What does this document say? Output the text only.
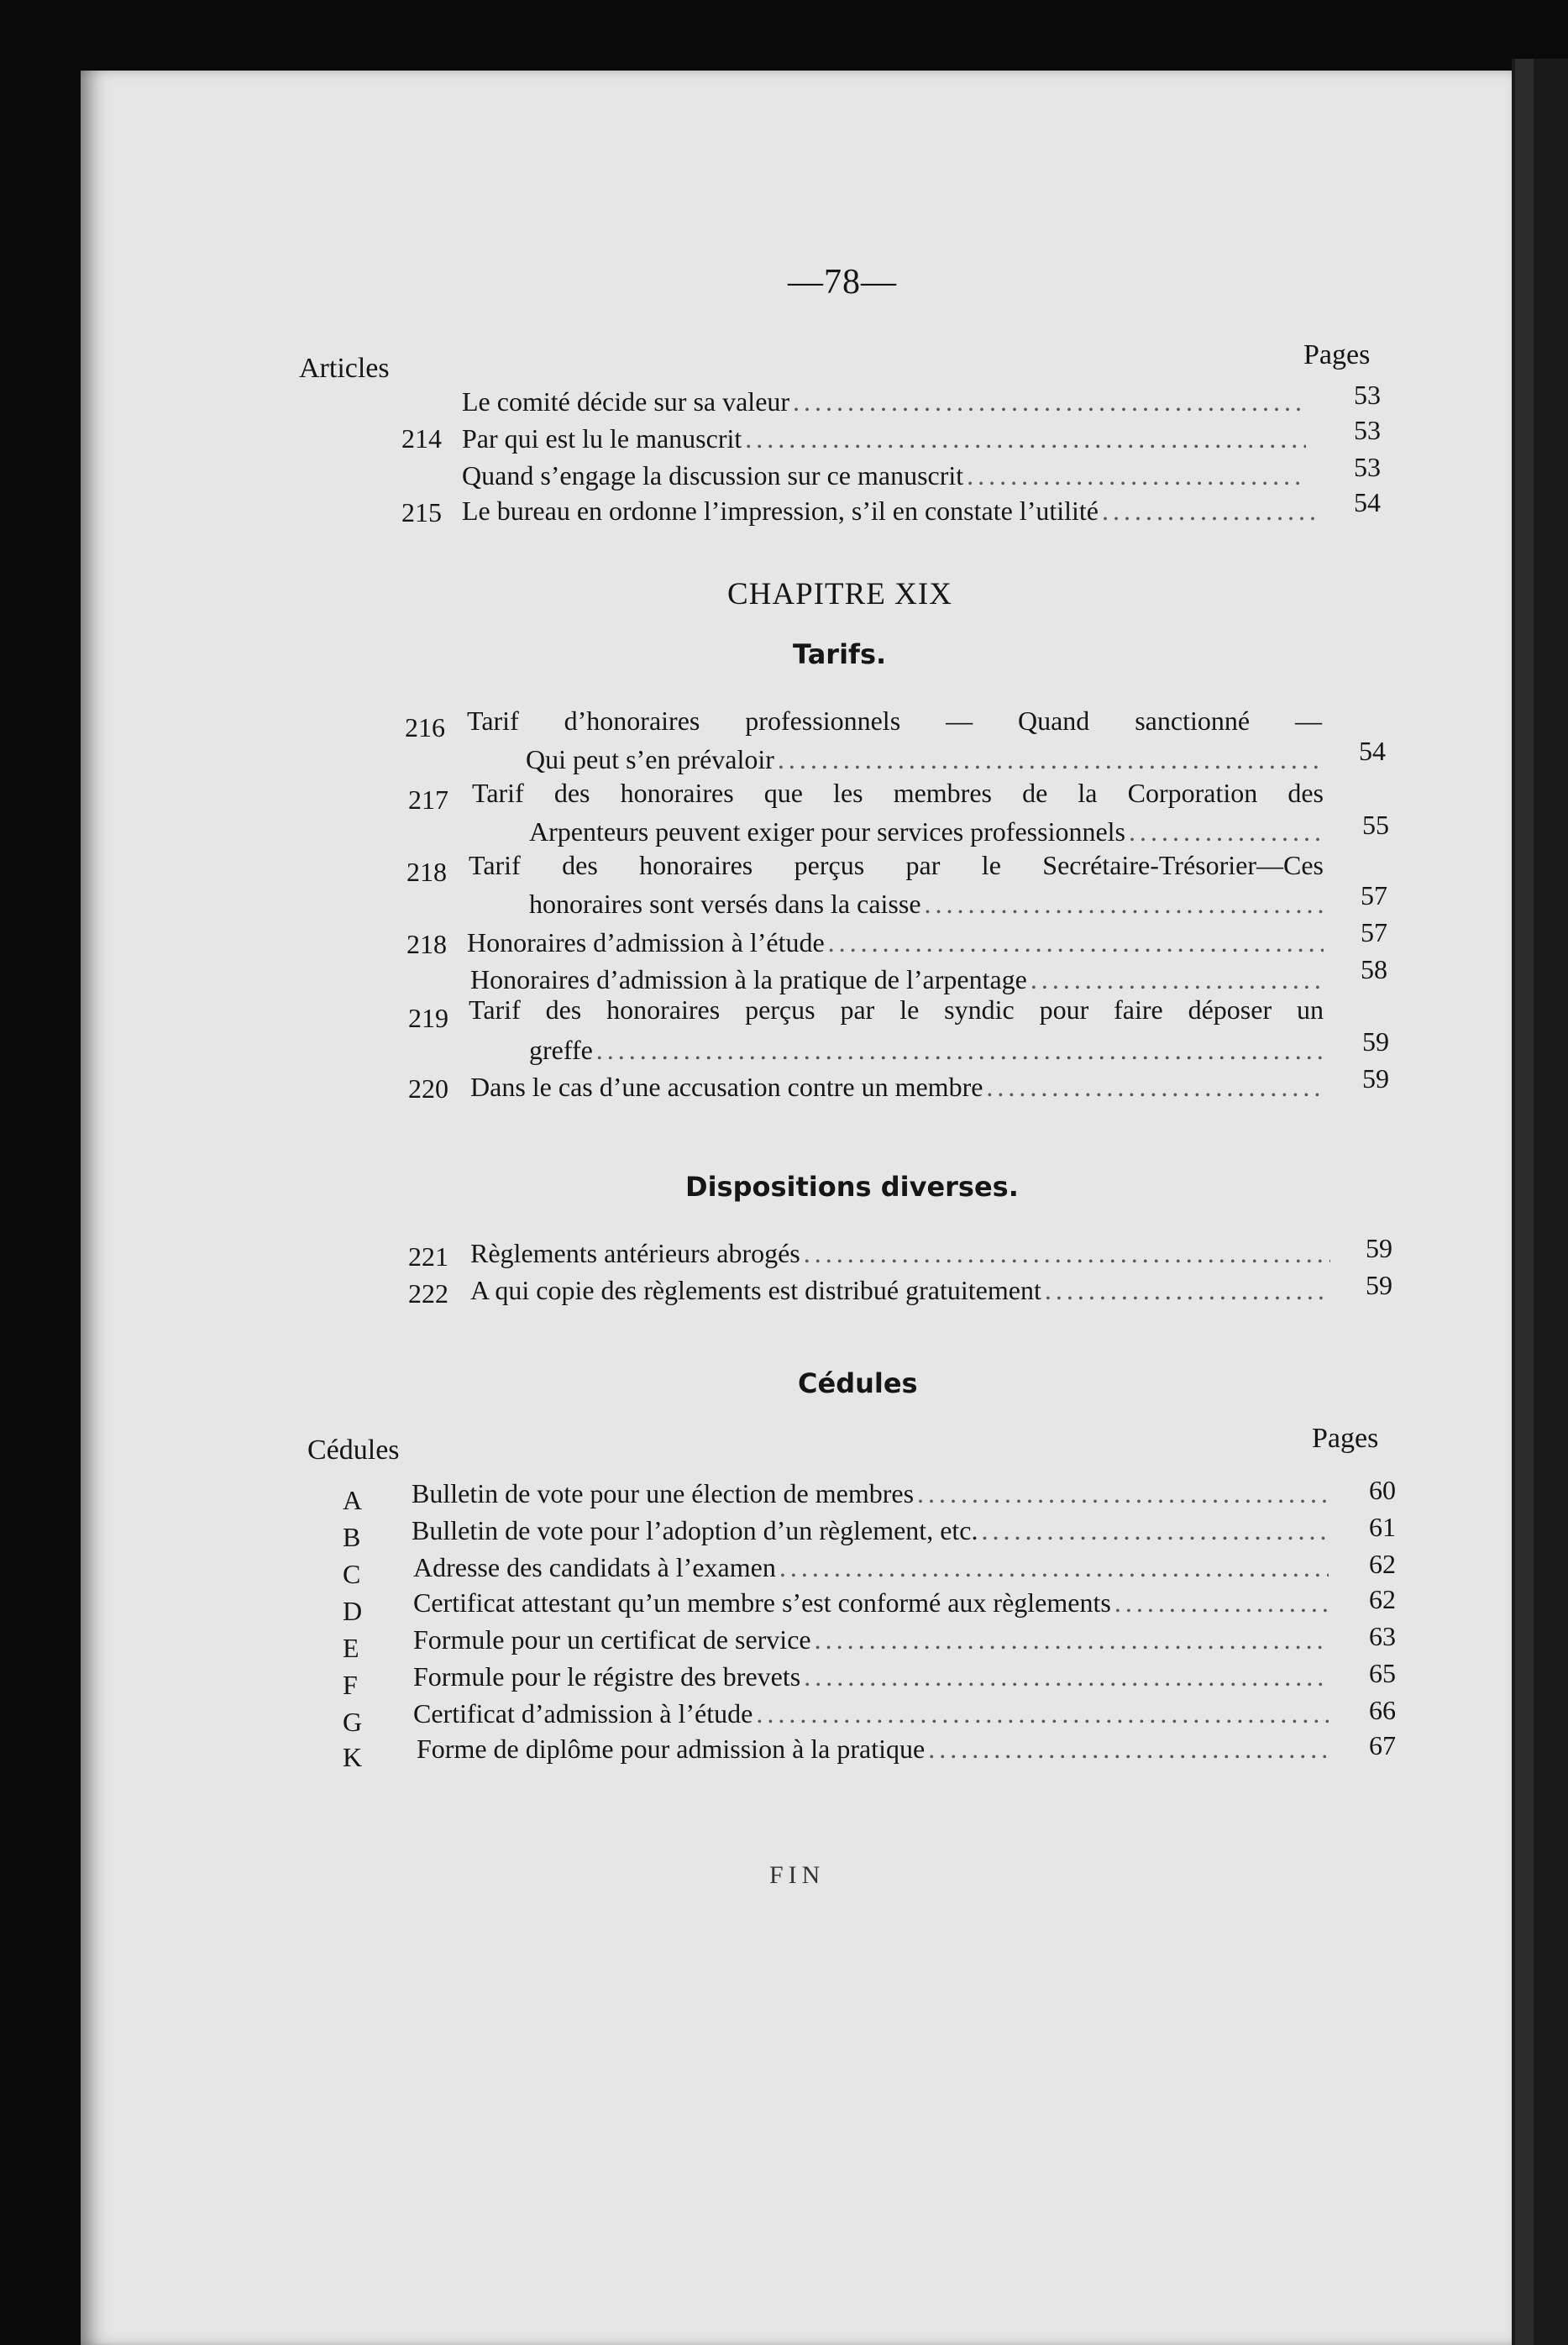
—78—
Articles	Pages
Le comité décide sur sa valeur .....	53
214 Par qui est lu le manuscrit .....	53
Quand s’engage la discussion sur ce manuscrit .....	53
215 Le bureau en ordonne l’impression, s’il en constate l’utilité .....	54
CHAPITRE XIX
Tarifs.
216 Tarif d’honoraires professionnels — Quand sanctionné —
Qui peut s’en prévaloir .....	54
217 Tarif des honoraires que les membres de la Corporation des
Arpenteurs peuvent exiger pour services professionnels .....	55
218 Tarif des honoraires perçus par le Secrétaire-Trésorier—Ces
honoraires sont versés dans la caisse .....	57
218 Honoraires d’admission à l’étude .....	57
Honoraires d’admission à la pratique de l’arpentage .....	58
219 Tarif des honoraires perçus par le syndic pour faire déposer un
greffe .....	59
220 Dans le cas d’une accusation contre un membre .....	59
Dispositions diverses.
221 Règlements antérieurs abrogés .....	59
222 A qui copie des règlements est distribué gratuitement .....	59
Cédules
Cédules	Pages
A Bulletin de vote pour une élection de membres .....	60
B Bulletin de vote pour l’adoption d’un règlement, etc. .....	61
C Adresse des candidats à l’examen .....	62
D Certificat attestant qu’un membre s’est conformé aux règlements .....	62
E Formule pour un certificat de service .....	63
F Formule pour le régistre des brevets .....	65
G Certificat d’admission à l’étude .....	66
K Forme de diplôme pour admission à la pratique .....	67
FIN
